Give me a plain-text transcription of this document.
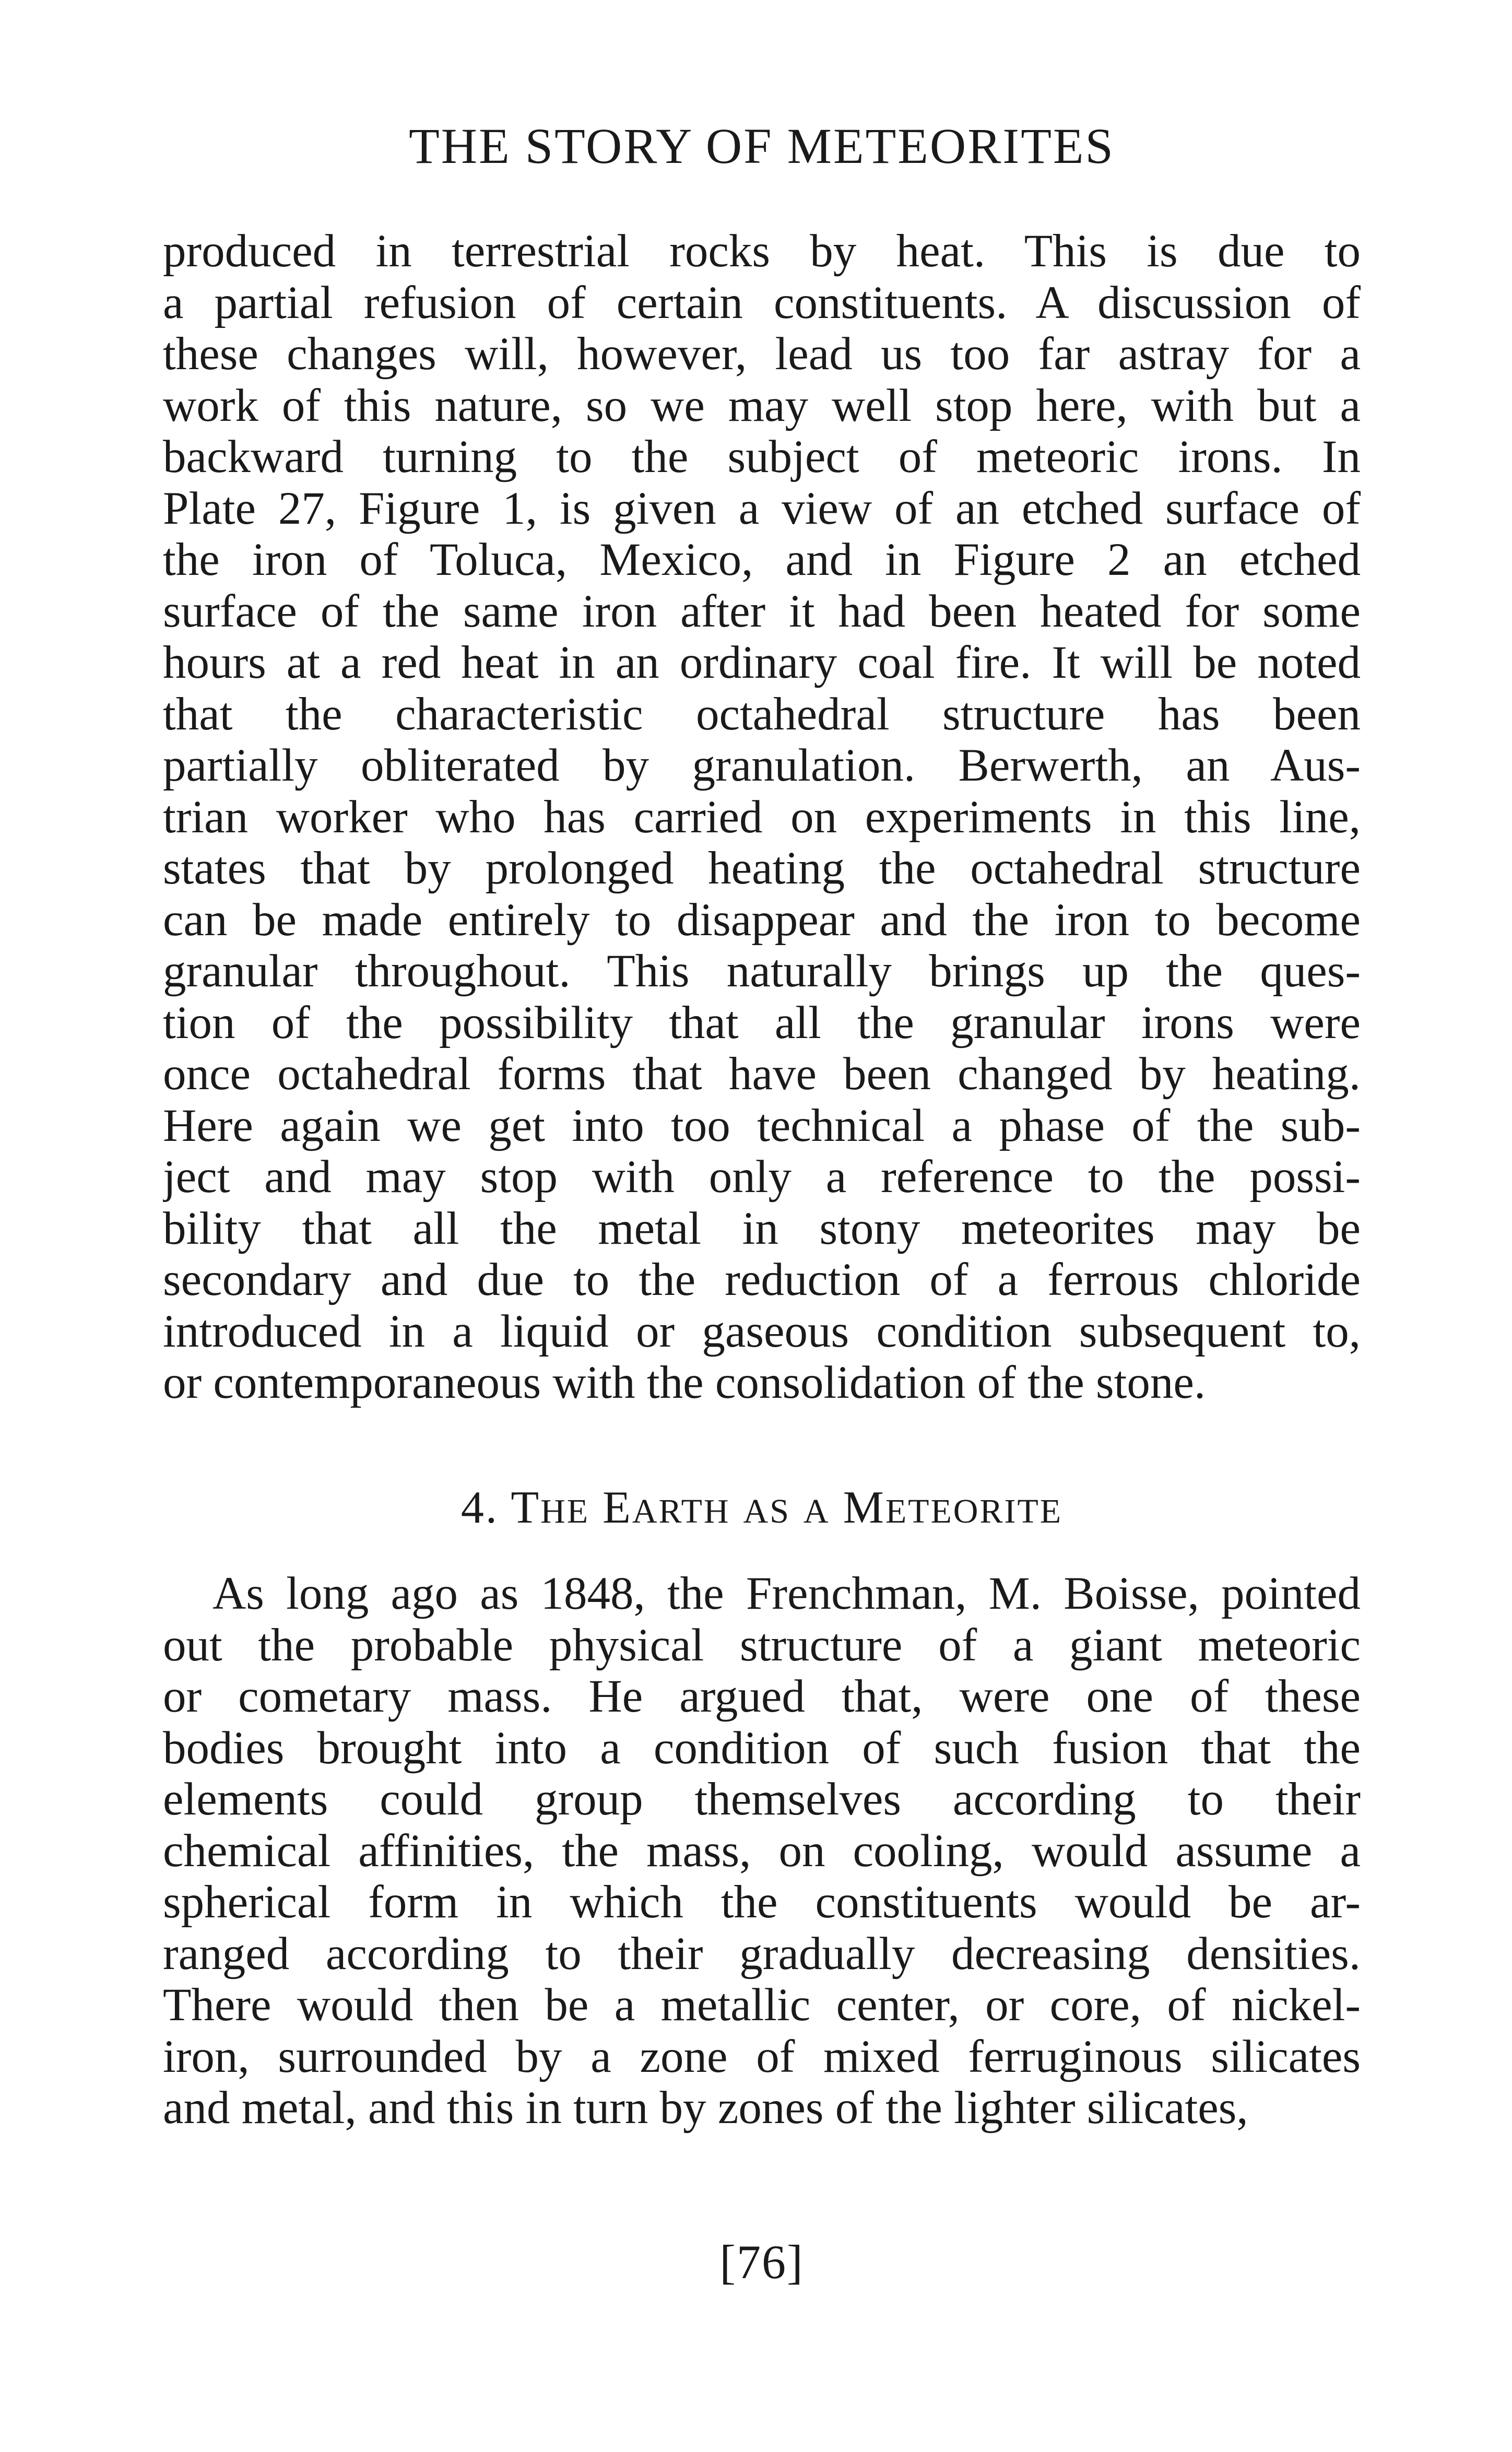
THE STORY OF METEORITES
produced in terrestrial rocks by heat. This is due to
a partial refusion of certain constituents. A discussion of
these changes will, however, lead us too far astray for a
work of this nature, so we may well stop here, with but a
backward turning to the subject of meteoric irons. In
Plate 27, Figure 1, is given a view of an etched surface of
the iron of Toluca, Mexico, and in Figure 2 an etched
surface of the same iron after it had been heated for some
hours at a red heat in an ordinary coal fire. It will be noted
that the characteristic octahedral structure has been
partially obliterated by granulation. Berwerth, an Aus-
trian worker who has carried on experiments in this line,
states that by prolonged heating the octahedral structure
can be made entirely to disappear and the iron to become
granular throughout. This naturally brings up the ques-
tion of the possibility that all the granular irons were
once octahedral forms that have been changed by heating.
Here again we get into too technical a phase of the sub-
ject and may stop with only a reference to the possi-
bility that all the metal in stony meteorites may be
secondary and due to the reduction of a ferrous chloride
introduced in a liquid or gaseous condition subsequent to,
or contemporaneous with the consolidation of the stone.
4. THE EARTH AS A METEORITE
As long ago as 1848, the Frenchman, M. Boisse, pointed
out the probable physical structure of a giant meteoric
or cometary mass. He argued that, were one of these
bodies brought into a condition of such fusion that the
elements could group themselves according to their
chemical affinities, the mass, on cooling, would assume a
spherical form in which the constituents would be ar-
ranged according to their gradually decreasing densities.
There would then be a metallic center, or core, of nickel-
iron, surrounded by a zone of mixed ferruginous silicates
and metal, and this in turn by zones of the lighter silicates,
[76]
